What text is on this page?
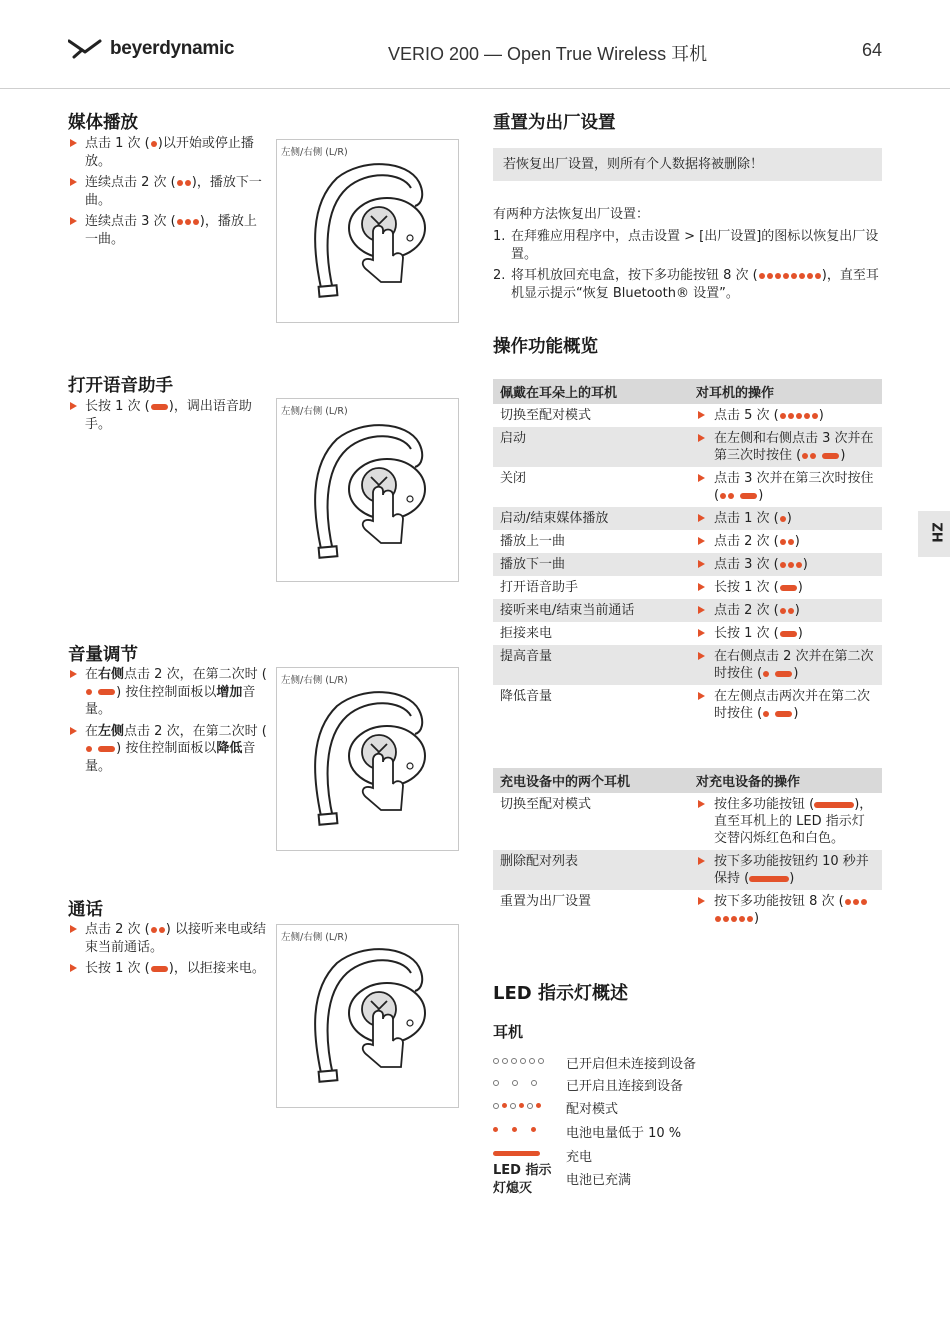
beyerdynamic	VERIO 200 — Open True Wireless 耳机	64
ZH
媒体播放
点击 1 次 ( )以开始或停止播放。
连续点击 2 次 ( )，播放下一曲。
连续点击 3 次 ( )，播放上一曲。
左侧/右侧 (L/R)
打开语音助手
长按 1 次 ( )，调出语音助手。
左侧/右侧 (L/R)
音量调节
在右侧点击 2 次，在第二次时 ( ) 按住控制面板以增加音量。
在左侧点击 2 次，在第二次时 ( ) 按住控制面板以降低音量。
左侧/右侧 (L/R)
通话
点击 2 次 ( ) 以接听来电或结束当前通话。
长按 1 次 ( )，以拒接来电。
左侧/右侧 (L/R)
重置为出厂设置
若恢复出厂设置，则所有个人数据将被删除！
有两种方法恢复出厂设置：
1. 在拜雅应用程序中，点击设置 > [出厂设置]的图标以恢复出厂设置。
2. 将耳机放回充电盒，按下多功能按钮 8 次 (	)，直至耳机显示提示“恢复 Bluetooth® 设置”。
操作功能概览
佩戴在耳朵上的耳机	对耳机的操作
切换至配对模式	点击 5 次 ( )

启动	在左侧和右侧点击 3 次并在第三次时按住 ( )

关闭	点击 3 次并在第三次时按住 ( )

启动/结束媒体播放	点击 1 次 ( )

播放上一曲	点击 2 次 ( )

播放下一曲	点击 3 次 ( )

打开语音助手	长按 1 次 ( )

接听来电/结束当前通话	点击 2 次 ( )

拒接来电	长按 1 次 ( )

提高音量	在右侧点击 2 次并在第二次时按住 ( )

降低音量	在左侧点击两次并在第二次时按住 ( )
充电设备中的两个耳机	对充电设备的操作
切换至配对模式	按住多功能按钮 ( )，直至耳机上的 LED 指示灯交替闪烁红色和白色。

删除配对列表	按下多功能按钮约 10 秒并保持 ( )

重置为出厂设置	按下多功能按钮 8 次 ()
LED 指示灯概述
耳机
已开启但未连接到设备
已开启且连接到设备
配对模式
电池电量低于 10 %
充电
LED 指示灯熄灭
电池已充满
